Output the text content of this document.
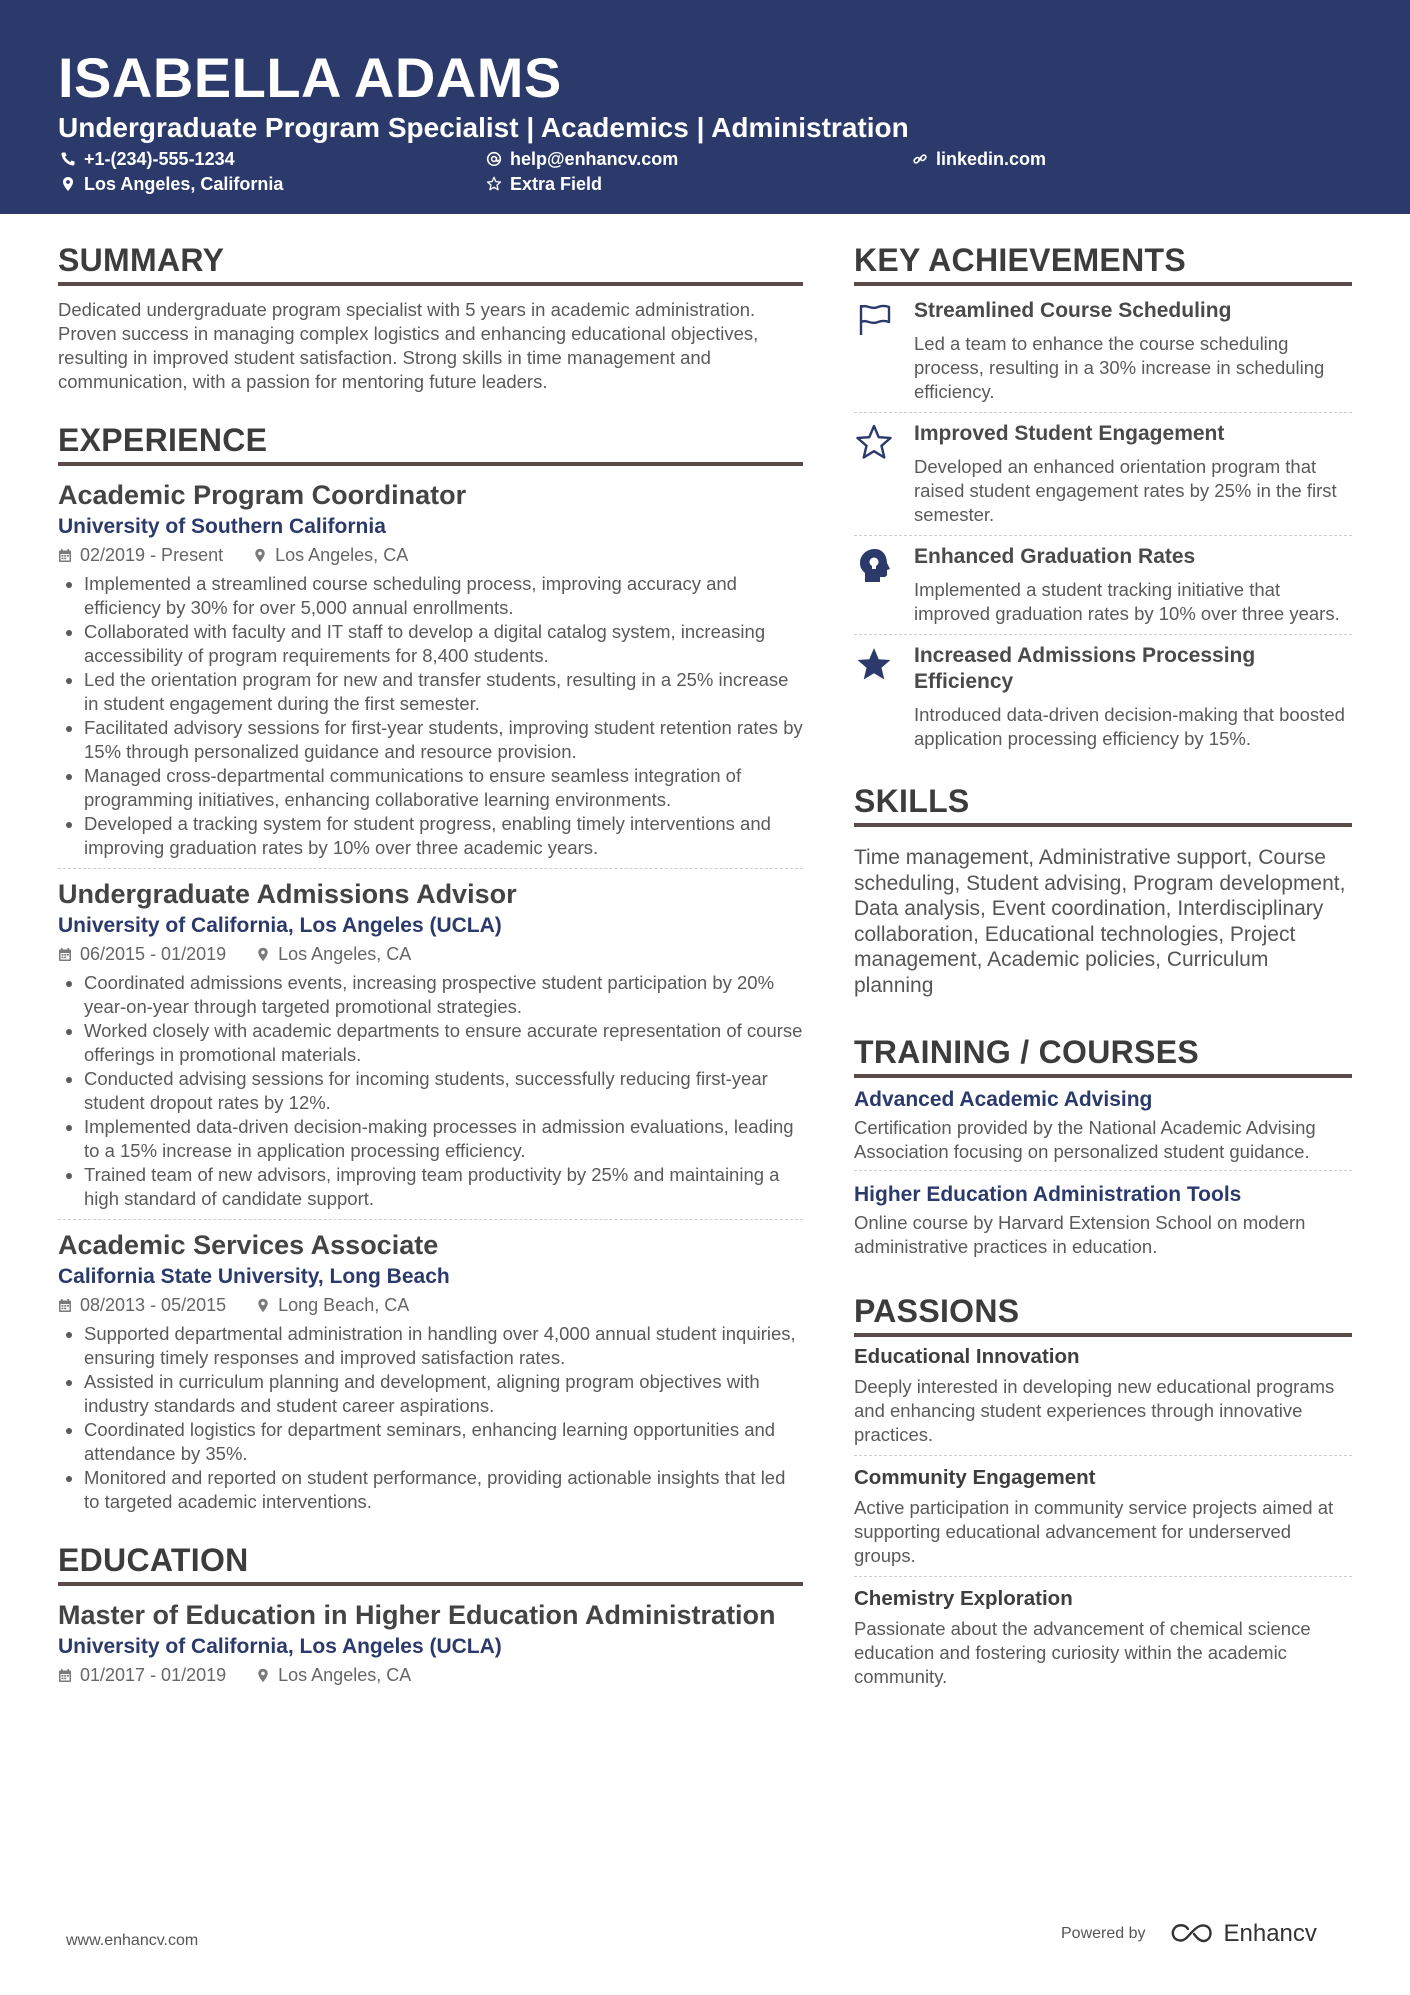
ISABELLA ADAMS
Undergraduate Program Specialist | Academics | Administration
+1-(234)-555-1234	help@enhancv.com	linkedin.com
Los Angeles, California	Extra Field
SUMMARY
Dedicated undergraduate program specialist with 5 years in academic administration. Proven success in managing complex logistics and enhancing educational objectives, resulting in improved student satisfaction. Strong skills in time management and communication, with a passion for mentoring future leaders.
EXPERIENCE
Academic Program Coordinator
University of Southern California
02/2019 - Present	Los Angeles, CA
• Implemented a streamlined course scheduling process, improving accuracy and efficiency by 30% for over 5,000 annual enrollments.
• Collaborated with faculty and IT staff to develop a digital catalog system, increasing accessibility of program requirements for 8,400 students.
• Led the orientation program for new and transfer students, resulting in a 25% increase in student engagement during the first semester.
• Facilitated advisory sessions for first-year students, improving student retention rates by 15% through personalized guidance and resource provision.
• Managed cross-departmental communications to ensure seamless integration of programming initiatives, enhancing collaborative learning environments.
• Developed a tracking system for student progress, enabling timely interventions and improving graduation rates by 10% over three academic years.
Undergraduate Admissions Advisor
University of California, Los Angeles (UCLA)
06/2015 - 01/2019	Los Angeles, CA
• Coordinated admissions events, increasing prospective student participation by 20% year-on-year through targeted promotional strategies.
• Worked closely with academic departments to ensure accurate representation of course offerings in promotional materials.
• Conducted advising sessions for incoming students, successfully reducing first-year student dropout rates by 12%.
• Implemented data-driven decision-making processes in admission evaluations, leading to a 15% increase in application processing efficiency.
• Trained team of new advisors, improving team productivity by 25% and maintaining a high standard of candidate support.
Academic Services Associate
California State University, Long Beach
08/2013 - 05/2015	Long Beach, CA
• Supported departmental administration in handling over 4,000 annual student inquiries, ensuring timely responses and improved satisfaction rates.
• Assisted in curriculum planning and development, aligning program objectives with industry standards and student career aspirations.
• Coordinated logistics for department seminars, enhancing learning opportunities and attendance by 35%.
• Monitored and reported on student performance, providing actionable insights that led to targeted academic interventions.
EDUCATION
Master of Education in Higher Education Administration
University of California, Los Angeles (UCLA)
01/2017 - 01/2019	Los Angeles, CA
KEY ACHIEVEMENTS
Streamlined Course Scheduling
Led a team to enhance the course scheduling process, resulting in a 30% increase in scheduling efficiency.
Improved Student Engagement
Developed an enhanced orientation program that raised student engagement rates by 25% in the first semester.
Enhanced Graduation Rates
Implemented a student tracking initiative that improved graduation rates by 10% over three years.
Increased Admissions Processing Efficiency
Introduced data-driven decision-making that boosted application processing efficiency by 15%.
SKILLS
Time management, Administrative support, Course scheduling, Student advising, Program development, Data analysis, Event coordination, Interdisciplinary collaboration, Educational technologies, Project management, Academic policies, Curriculum planning
TRAINING / COURSES
Advanced Academic Advising
Certification provided by the National Academic Advising Association focusing on personalized student guidance.
Higher Education Administration Tools
Online course by Harvard Extension School on modern administrative practices in education.
PASSIONS
Educational Innovation
Deeply interested in developing new educational programs and enhancing student experiences through innovative practices.
Community Engagement
Active participation in community service projects aimed at supporting educational advancement for underserved groups.
Chemistry Exploration
Passionate about the advancement of chemical science education and fostering curiosity within the academic community.
www.enhancv.com	Powered by	Enhancv
